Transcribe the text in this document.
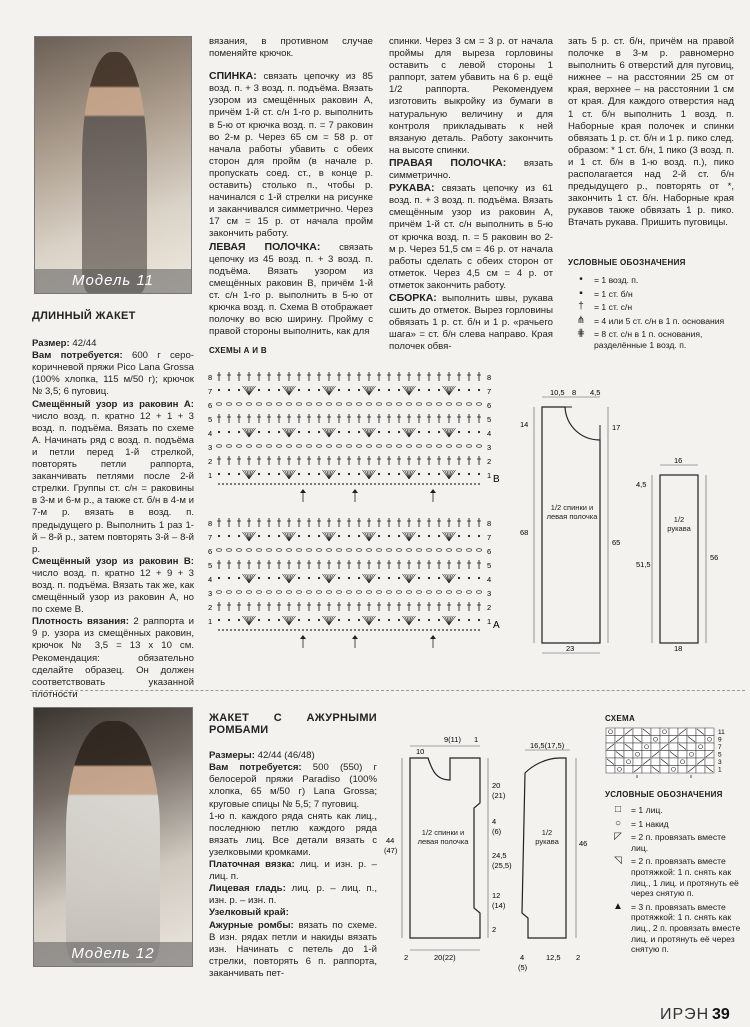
Модель 11
ДЛИННЫЙ ЖАКЕТ

Размер: 42/44

Вам потребуется: 600 г серо-коричневой пряжи Pico Lana Grossa (100% хлопка, 115 м/50 г); крючок № 3,5; 6 пуговиц.

Смещённый узор из раковин А: число возд. п. кратно 12 + 1 + 3 возд. п. подъёма. Вязать по схеме А. Начинать ряд с возд. п. подъёма и петли перед 1-й стрелкой, повторять петли раппорта, заканчивать петлями после 2-й стрелки. Группы ст. с/н = раковины в 3-м и 6-м р., а также ст. б/н в 4-м и 7-м р. вязать в возд. п. предыдущего р. Выполнить 1 раз 1-й – 8-й р., затем повторять 3-й – 8-й р.

Смещённый узор из раковин В: число возд. п. кратно 12 + 9 + 3 возд. п. подъёма. Вязать так же, как смещённый узор из раковин А, но по схеме В.

Плотность вязания: 2 раппорта и 9 р. узора из смещённых раковин, крючок № 3,5 = 13 х 10 см. Рекомендация: обязательно сделайте образец. Он должен соответствовать указанной плотности

вязания, в противном случае поменяйте крючок.

СПИНКА: связать цепочку из 85 возд. п. + 3 возд. п. подъёма. Вязать узором из смещённых раковин А, причём 1-й ст. с/н 1-го р. выполнить в 5-ю от крючка возд. п. = 7 раковин во 2-м р. Через 65 см = 58 р. от начала работы убавить с обеих сторон для пройм (в начале р. пропускать соед. ст., в конце р. оставить) столько п., чтобы р. начинался с 1-й стрелки на рисунке и заканчивался симметрично. Через 17 см = 15 р. от начала пройм закончить работу.

ЛЕВАЯ ПОЛОЧКА: связать цепочку из 45 возд. п. + 3 возд. п. подъёма. Вязать узором из смещённых раковин В, причём 1-й ст. с/н 1-го р. выполнить в 5-ю от крючка возд. п. Схема В отображает полочку во всю ширину. Пройму с правой стороны выполнить, как для

спинки. Через 3 см = 3 р. от начала проймы для выреза горловины оставить с левой стороны 1 раппорт, затем убавить на 6 р. ещё 1/2 раппорта. Рекомендуем изготовить выкройку из бумаги в натуральную величину и для контроля прикладывать к ней вязаную деталь. Работу закончить на высоте спинки.

ПРАВАЯ ПОЛОЧКА: вязать симметрично.

РУКАВА: связать цепочку из 61 возд. п. + 3 возд. п. подъёма. Вязать смещённым узор из раковин А, причём 1-й ст. с/н выполнить в 5-ю от крючка возд. п. = 5 раковин во 2-м р. Через 51,5 см = 46 р. от начала работы сделать с обеих сторон от отметок. Через 4,5 см = 4 р. от отметок закончить работу.

СБОРКА: выполнить швы, рукава сшить до отметок. Вырез горловины обвязать 1 р. ст. б/н и 1 р. «рачьего шага» = ст. б/н слева направо. Края полочек обвя-

зать 5 р. ст. б/н, причём на правой полочке в 3-м р. равномерно выполнить 6 отверстий для пуговиц, нижнее – на расстоянии 25 см от края, верхнее – на расстоянии 1 см от края. Для каждого отверстия над 1 ст. б/н выполнить 1 возд. п. Наборные края полочек и спинки обвязать 1 р. ст. б/н и 1 р. пико след. образом: * 1 ст. б/н, 1 пико (3 возд. п. и 1 ст. б/н в 1-ю возд. п.), пико располагается над 2-й ст. б/н предыдущего р., повторять от *, закончить 1 ст. б/н. Наборные края рукавов также обвязать 1 р. пико. Втачать рукава. Пришить пуговицы.

УСЛОВНЫЕ ОБОЗНАЧЕНИЯ
•	= 1 возд. п.
▪	= 1 ст. б/н
†	= 1 ст. с/н
⋔	= 4 или 5 ст. с/н в 1 п. основания
⋕	= 8 ст. с/н в 1 п. основания, разделённые 1 возд. п.
СХЕМЫ А И В
8	8
7	7
6	6
5	5
4	4
3	3
2	2
1	1 B
8	8
7	7
6	6
5	5
4	4
3	3
2	2
1	1 A
10,5 8 4,5
14
68
17
65
23
1/2 спинки и левая полочка
16
4,5
51,5
56
18
1/2 рукава
Модель 12
ЖАКЕТ С АЖУРНЫМИ РОМБАМИ

Размеры: 42/44 (46/48)

Вам потребуется: 500 (550) г белосерой пряжи Paradiso (100% хлопка, 65 м/50 г) Lana Grossa; круговые спицы № 5,5; 7 пуговиц.

1-ю п. каждого ряда снять как лиц., последнюю петлю каждого ряда вязать лиц. Все детали вязать с узелковыми кромками.

Платочная вязка: лиц. и изн. р. – лиц. п.

Лицевая гладь: лиц. р. – лиц. п., изн. р. – изн. п.

Узелковый край:

Ажурные ромбы: вязать по схеме. В изн. рядах петли и накиды вязать изн. Начинать с петель до 1-й стрелки, повторять 6 п. раппорта, заканчивать пет-

9(11) 1
10
20
(21)
4
(6)
24,5
(25,5)
12
(14)
2
44
(47)
2	20(22)
1/2 спинки и левая полочка
16,5(17,5)
46
4
(5)
12,5 2
1/2 рукава
СХЕМА
11
9
7
5
3
1
УСЛОВНЫЕ ОБОЗНАЧЕНИЯ
□	= 1 лиц.
○	= 1 накид
◸	= 2 п. провязать вместе лиц.
◹	= 2 п. провязать вместе протяжкой: 1 п. снять как лиц., 1 лиц. и протянуть её через снятую п.
▲ = 3 п. провязать вместе протяжкой: 1 п. снять как лиц., 2 п. провязать вместе лиц. и протянуть её через снятую п.
ИРЭН 39
